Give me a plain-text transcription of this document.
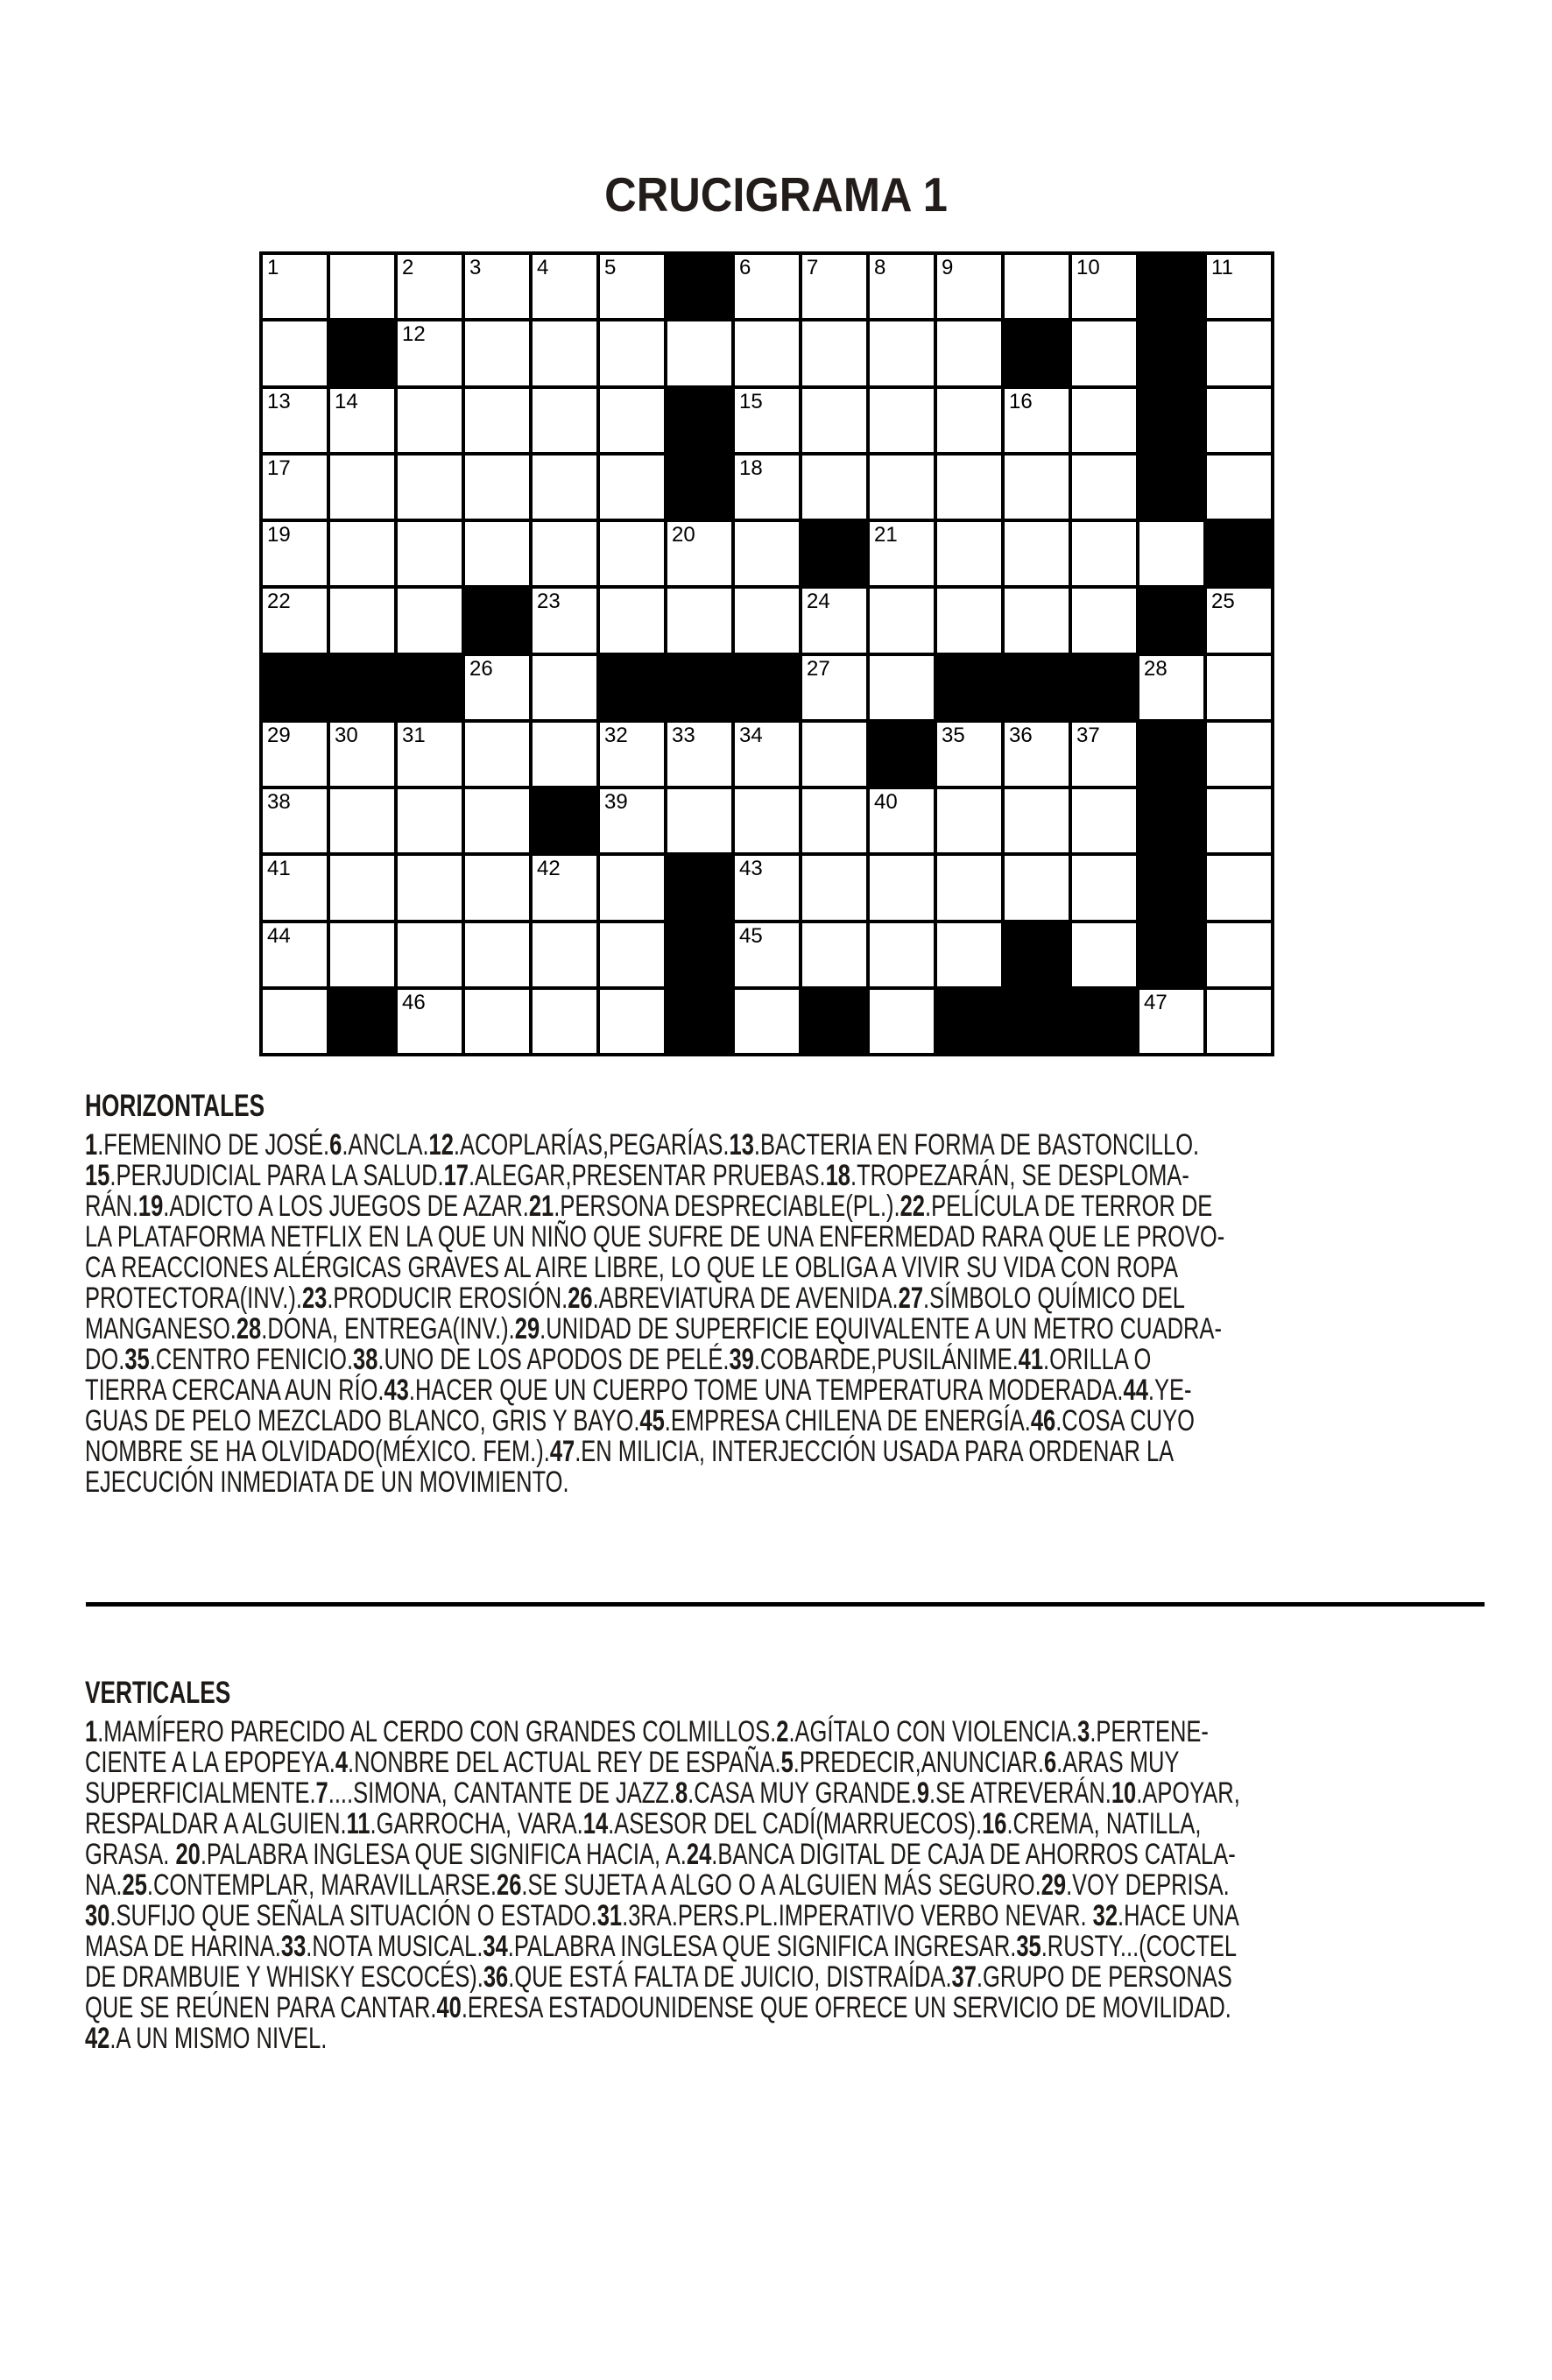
CRUCIGRAMA 1
1	2	3	4	5	6	7	8	9	10	11
12
13 14	15	16
17	18
19	20	21
22	23	24	25
26	27	28
29 30 31	32 33 34	35 36 37
38	39	40
41	42	43
44	45
46	47
HORIZONTALES
1.FEMENINO DE JOSÉ.6.ANCLA.12.ACOPLARÍAS,PEGARÍAS.13.BACTERIA EN FORMA DE BASTONCILLO.
15.PERJUDICIAL PARA LA SALUD.17.ALEGAR,PRESENTAR PRUEBAS.18.TROPEZARÁN, SE DESPLOMA-
RÁN.19.ADICTO A LOS JUEGOS DE AZAR.21.PERSONA DESPRECIABLE(PL.).22.PELÍCULA DE TERROR DE
LA PLATAFORMA NETFLIX EN LA QUE UN NIÑO QUE SUFRE DE UNA ENFERMEDAD RARA QUE LE PROVO-
CA REACCIONES ALÉRGICAS GRAVES AL AIRE LIBRE, LO QUE LE OBLIGA A VIVIR SU VIDA CON ROPA
PROTECTORA(INV.).23.PRODUCIR EROSIÓN.26.ABREVIATURA DE AVENIDA.27.SÍMBOLO QUÍMICO DEL
MANGANESO.28.DONA, ENTREGA(INV.).29.UNIDAD DE SUPERFICIE EQUIVALENTE A UN METRO CUADRA-
DO.35.CENTRO FENICIO.38.UNO DE LOS APODOS DE PELÉ.39.COBARDE,PUSILÁNIME.41.ORILLA O
TIERRA CERCANA AUN RÍO.43.HACER QUE UN CUERPO TOME UNA TEMPERATURA MODERADA.44.YE-
GUAS DE PELO MEZCLADO BLANCO, GRIS Y BAYO.45.EMPRESA CHILENA DE ENERGÍA.46.COSA CUYO
NOMBRE SE HA OLVIDADO(MÉXICO. FEM.).47.EN MILICIA, INTERJECCIÓN USADA PARA ORDENAR LA
EJECUCIÓN INMEDIATA DE UN MOVIMIENTO.
VERTICALES
1.MAMÍFERO PARECIDO AL CERDO CON GRANDES COLMILLOS.2.AGÍTALO CON VIOLENCIA.3.PERTENE-
CIENTE A LA EPOPEYA.4.NONBRE DEL ACTUAL REY DE ESPAÑA.5.PREDECIR,ANUNCIAR.6.ARAS MUY
SUPERFICIALMENTE.7....SIMONA, CANTANTE DE JAZZ.8.CASA MUY GRANDE.9.SE ATREVERÁN.10.APOYAR,
RESPALDAR A ALGUIEN.11.GARROCHA, VARA.14.ASESOR DEL CADÍ(MARRUECOS).16.CREMA, NATILLA,
GRASA. 20.PALABRA INGLESA QUE SIGNIFICA HACIA, A.24.BANCA DIGITAL DE CAJA DE AHORROS CATALA-
NA.25.CONTEMPLAR, MARAVILLARSE.26.SE SUJETA A ALGO O A ALGUIEN MÁS SEGURO.29.VOY DEPRISA.
30.SUFIJO QUE SEÑALA SITUACIÓN O ESTADO.31.3RA.PERS.PL.IMPERATIVO VERBO NEVAR. 32.HACE UNA
MASA DE HARINA.33.NOTA MUSICAL.34.PALABRA INGLESA QUE SIGNIFICA INGRESAR.35.RUSTY...(COCTEL
DE DRAMBUIE Y WHISKY ESCOCÉS).36.QUE ESTÁ FALTA DE JUICIO, DISTRAÍDA.37.GRUPO DE PERSONAS
QUE SE REÚNEN PARA CANTAR.40.ERESA ESTADOUNIDENSE QUE OFRECE UN SERVICIO DE MOVILIDAD.
42.A UN MISMO NIVEL.
